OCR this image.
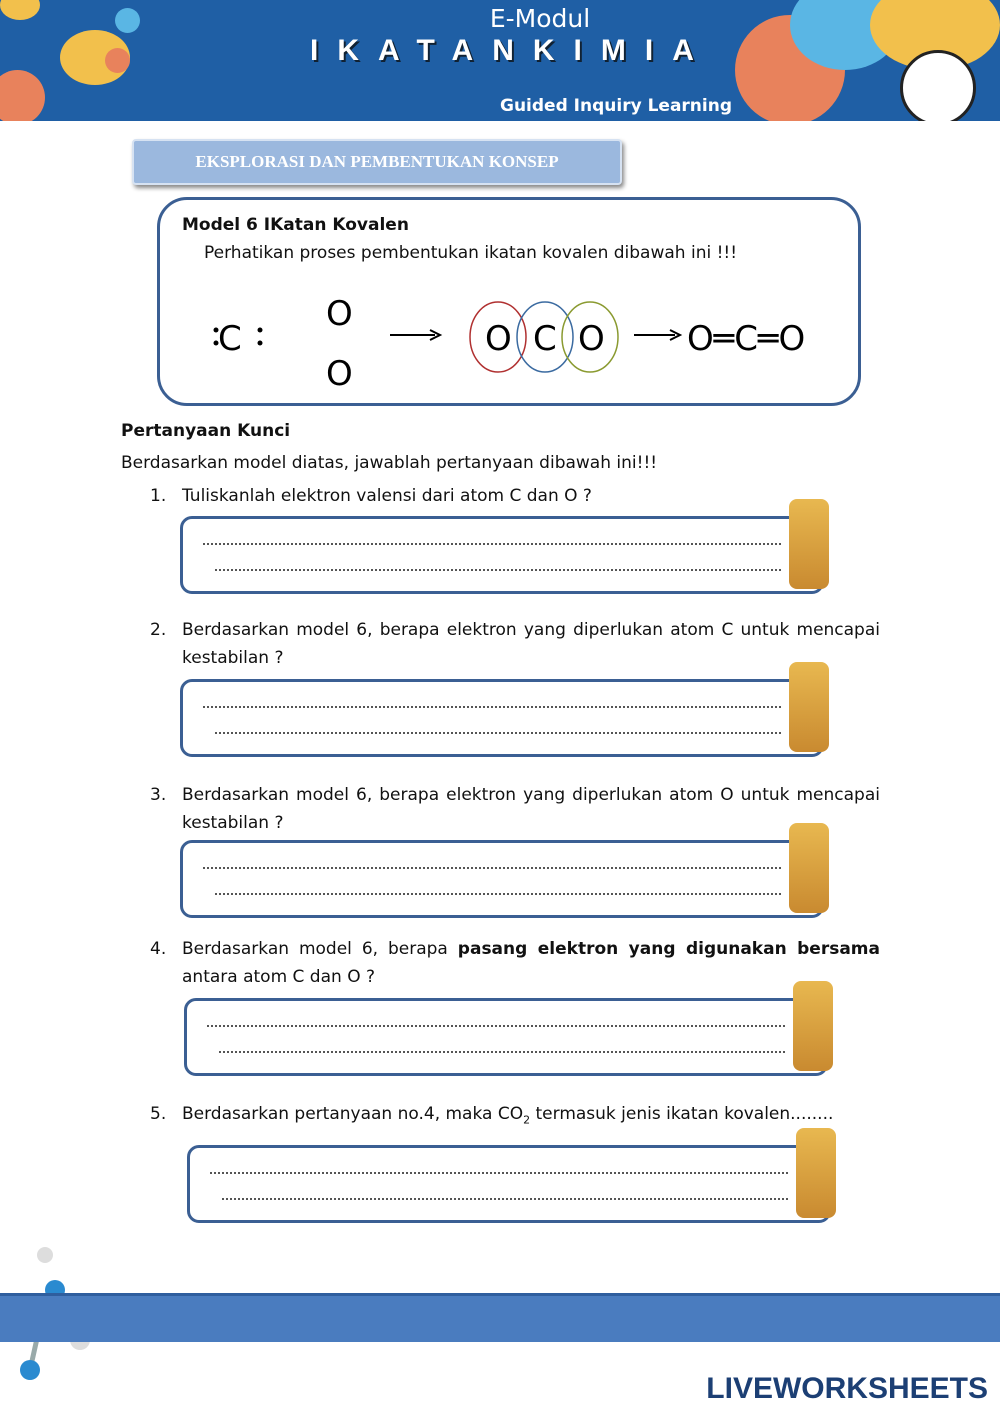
E-Modul
IKATANKIMIA
Guided Inquiry Learning
EKSPLORASI DAN PEMBENTUKAN KONSEP
Model 6 IKatan Kovalen
Perhatikan proses pembentukan ikatan kovalen dibawah ini !!!
C
O
O
O C O O═C═O
Pertanyaan Kunci
Berdasarkan model diatas, jawablah pertanyaan dibawah ini!!!
1. Tuliskanlah elektron valensi dari atom C dan O ?
2. Berdasarkan model 6, berapa elektron yang diperlukan atom C untuk mencapai kestabilan ?
3. Berdasarkan model 6, berapa elektron yang diperlukan atom O untuk mencapai kestabilan ?
4. Berdasarkan model 6, berapa pasang elektron yang digunakan bersama antara atom C dan O ?
5. Berdasarkan pertanyaan no.4, maka $CO_2$ termasuk jenis ikatan kovalen........
LIVEWORKSHEETS
